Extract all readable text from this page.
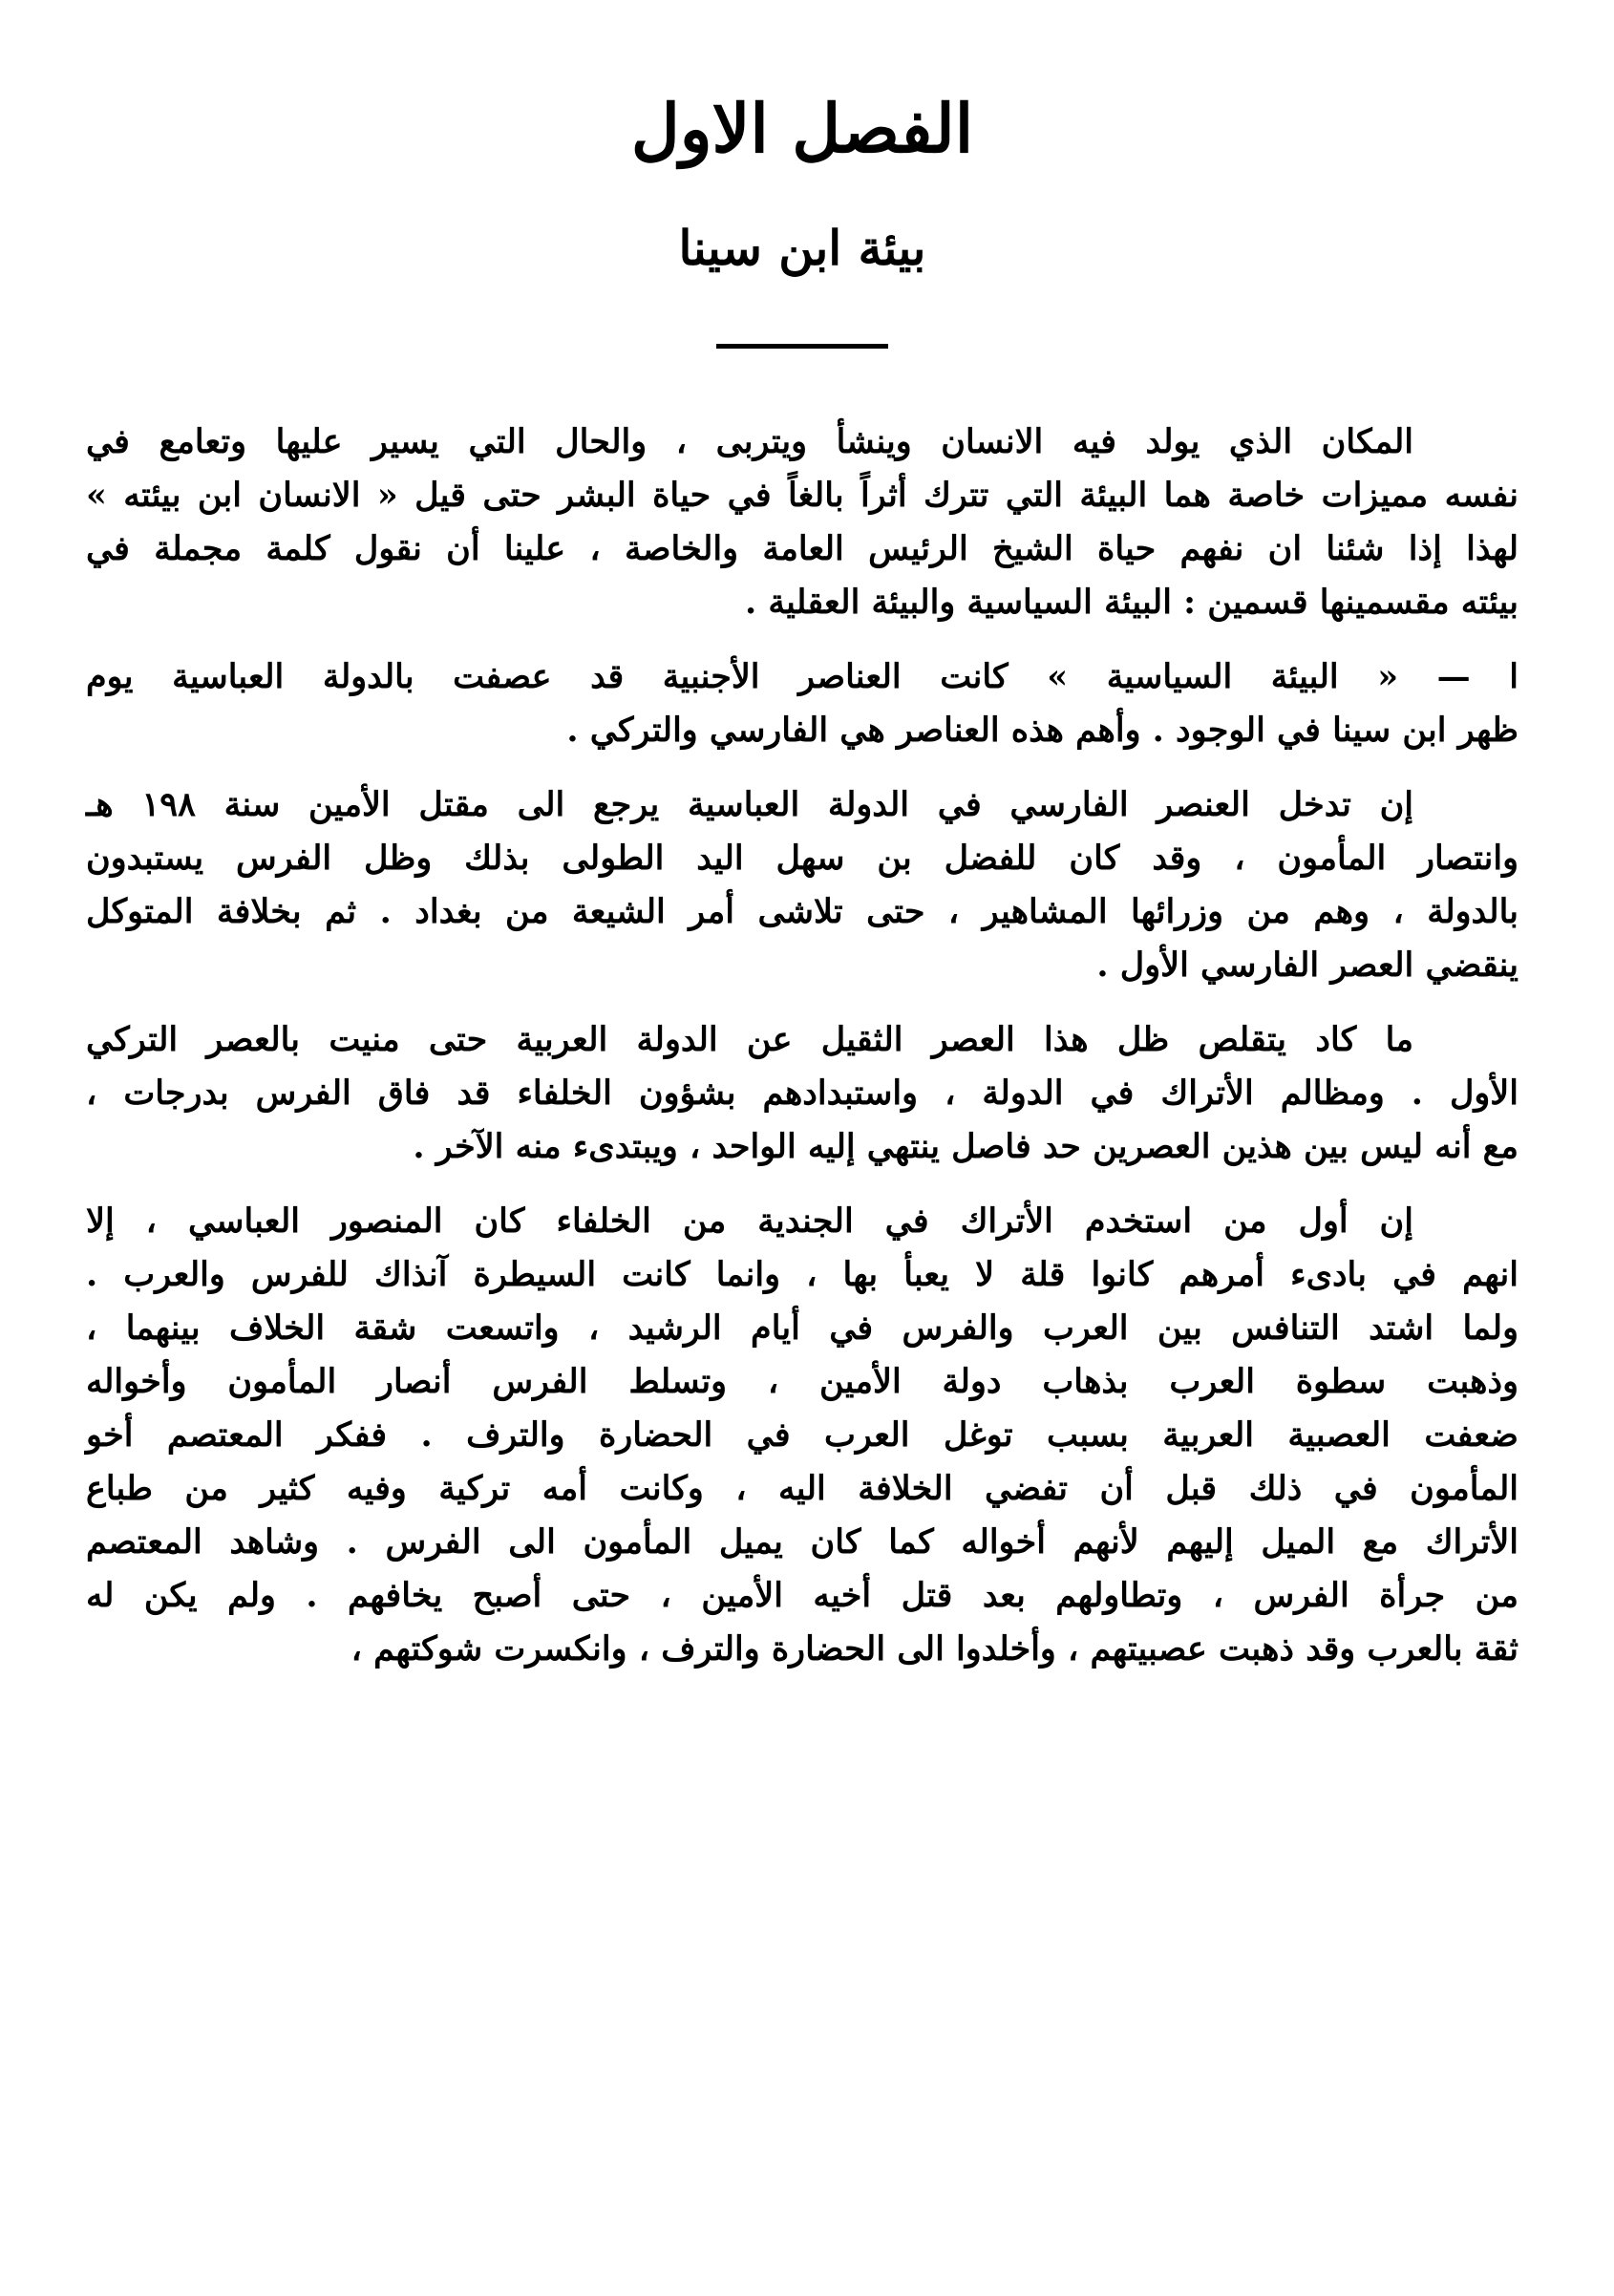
الفصل الاول
بيئة ابن سينا
المكان الذي يولد فيه الانسان وينشأ ويتربى ، والحال التي يسير عليها وتعامع في
نفسه مميزات خاصة هما البيئة التي تترك أثراً بالغاً في حياة البشر حتى قيل « الانسان ابن بيئته »
لهذا إذا شئنا ان نفهم حياة الشيخ الرئيس العامة والخاصة ، علينا أن نقول كلمة مجملة في
بيئته مقسمينها قسمين : البيئة السياسية والبيئة العقلية .
ا — « البيئة السياسية » كانت العناصر الأجنبية قد عصفت بالدولة العباسية يوم
ظهر ابن سينا في الوجود . وأهم هذه العناصر هي الفارسي والتركي .
إن تدخل العنصر الفارسي في الدولة العباسية يرجع الى مقتل الأمين سنة ١٩٨ هـ
وانتصار المأمون ، وقد كان للفضل بن سهل اليد الطولى بذلك وظل الفرس يستبدون
بالدولة ، وهم من وزرائها المشاهير ، حتى تلاشى أمر الشيعة من بغداد . ثم بخلافة المتوكل
ينقضي العصر الفارسي الأول .
ما كاد يتقلص ظل هذا العصر الثقيل عن الدولة العربية حتى منيت بالعصر التركي
الأول . ومظالم الأتراك في الدولة ، واستبدادهم بشؤون الخلفاء قد فاق الفرس بدرجات ،
مع أنه ليس بين هذين العصرين حد فاصل ينتهي إليه الواحد ، ويبتدىء منه الآخر .
إن أول من استخدم الأتراك في الجندية من الخلفاء كان المنصور العباسي ، إلا
انهم في بادىء أمرهم كانوا قلة لا يعبأ بها ، وانما كانت السيطرة آنذاك للفرس والعرب .
ولما اشتد التنافس بين العرب والفرس في أيام الرشيد ، واتسعت شقة الخلاف بينهما ،
وذهبت سطوة العرب بذهاب دولة الأمين ، وتسلط الفرس أنصار المأمون وأخواله
ضعفت العصبية العربية بسبب توغل العرب في الحضارة والترف . ففكر المعتصم أخو
المأمون في ذلك قبل أن تفضي الخلافة اليه ، وكانت أمه تركية وفيه كثير من طباع
الأتراك مع الميل إليهم لأنهم أخواله كما كان يميل المأمون الى الفرس . وشاهد المعتصم
من جرأة الفرس ، وتطاولهم بعد قتل أخيه الأمين ، حتى أصبح يخافهم . ولم يكن له
ثقة بالعرب وقد ذهبت عصبيتهم ، وأخلدوا الى الحضارة والترف ، وانكسرت شوكتهم ،
